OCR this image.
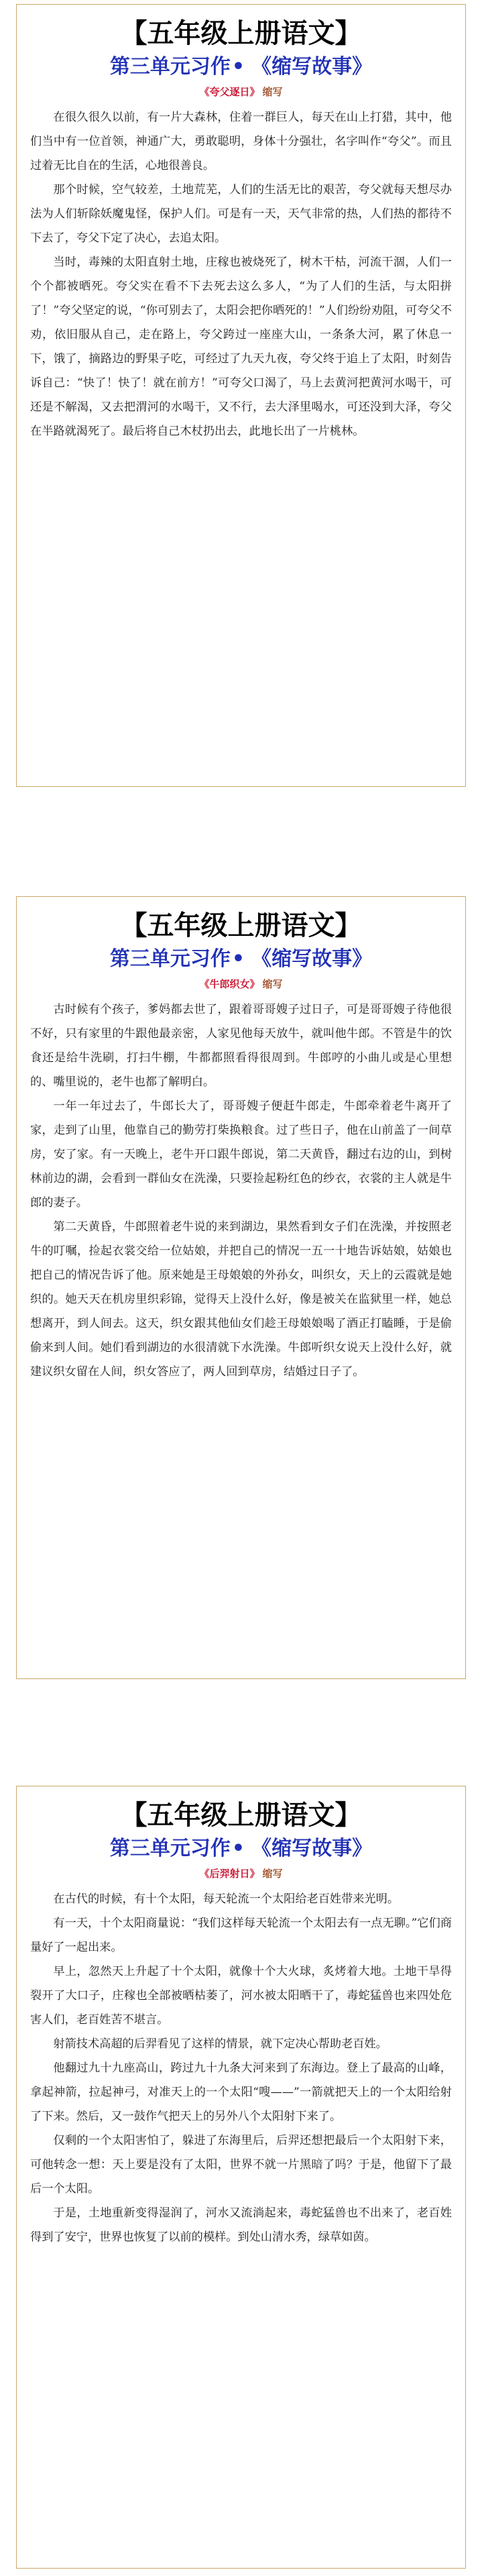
【五年级上册语文】
第三单元习作• 《缩写故事》
《夸父逐日》 缩写

在很久很久以前，有一片大森林，住着一群巨人，每天在山上打猎，其中，他们当中有一位首领，神通广大，勇敢聪明，身体十分强壮，名字叫作“夸父”。而且过着无比自在的生活，心地很善良。

那个时候，空气较差，土地荒芜，人们的生活无比的艰苦，夸父就每天想尽办法为人们斩除妖魔鬼怪，保护人们。可是有一天，天气非常的热，人们热的都待不下去了，夸父下定了决心，去追太阳。

当时，毒辣的太阳直射土地，庄稼也被烧死了，树木干枯，河流干涸，人们一个个都被晒死。夸父实在看不下去死去这么多人，“为了人们的生活，与太阳拼了！”夸父坚定的说，“你可别去了，太阳会把你晒死的！”人们纷纷劝阻，可夸父不劝，依旧服从自己，走在路上，夸父跨过一座座大山，一条条大河，累了休息一下，饿了，摘路边的野果子吃，可经过了九天九夜，夸父终于追上了太阳，时刻告诉自己：“快了！快了！就在前方！”可夸父口渴了，马上去黄河把黄河水喝干，可还是不解渴，又去把渭河的水喝干，又不行，去大泽里喝水，可还没到大泽，夸父在半路就渴死了。最后将自己木杖扔出去，此地长出了一片桃林。

【五年级上册语文】
第三单元习作• 《缩写故事》
《牛郎织女》 缩写

古时候有个孩子，爹妈都去世了，跟着哥哥嫂子过日子，可是哥哥嫂子待他很不好，只有家里的牛跟他最亲密，人家见他每天放牛，就叫他牛郎。不管是牛的饮食还是给牛洗刷，打扫牛棚，牛都都照看得很周到。牛郎哼的小曲儿或是心里想的、嘴里说的，老牛也都了解明白。

一年一年过去了，牛郎长大了，哥哥嫂子便赶牛郎走，牛郎牵着老牛离开了家，走到了山里，他靠自己的勤劳打柴换粮食。过了些日子，他在山前盖了一间草房，安了家。有一天晚上，老牛开口跟牛郎说，第二天黄昏，翻过右边的山，到树林前边的湖，会看到一群仙女在洗澡，只要捡起粉红色的纱衣，衣裳的主人就是牛郎的妻子。

第二天黄昏，牛郎照着老牛说的来到湖边，果然看到女子们在洗澡，并按照老牛的叮嘱，捡起衣裳交给一位姑娘，并把自己的情况一五一十地告诉姑娘，姑娘也把自己的情况告诉了他。原来她是王母娘娘的外孙女，叫织女，天上的云霞就是她织的。她天天在机房里织彩锦，觉得天上没什么好，像是被关在监狱里一样，她总想离开，到人间去。这天，织女跟其他仙女们趁王母娘娘喝了酒正打瞌睡，于是偷偷来到人间。她们看到湖边的水很清就下水洗澡。牛郎听织女说天上没什么好，就建议织女留在人间，织女答应了，两人回到草房，结婚过日子了。

【五年级上册语文】
第三单元习作• 《缩写故事》
《后羿射日》 缩写

在古代的时候，有十个太阳，每天轮流一个太阳给老百姓带来光明。

有一天，十个太阳商量说：“我们这样每天轮流一个太阳去有一点无聊。”它们商量好了一起出来。

早上，忽然天上升起了十个太阳，就像十个大火球，炙烤着大地。土地干旱得裂开了大口子，庄稼也全部被晒枯萎了，河水被太阳晒干了，毒蛇猛兽也来四处危害人们，老百姓苦不堪言。

射箭技术高超的后羿看见了这样的情景，就下定决心帮助老百姓。

他翻过九十九座高山，跨过九十九条大河来到了东海边。登上了最高的山峰，拿起神箭，拉起神弓，对准天上的一个太阳“嗖——”一箭就把天上的一个太阳给射了下来。然后，又一鼓作气把天上的另外八个太阳射下来了。

仅剩的一个太阳害怕了，躲进了东海里后，后羿还想把最后一个太阳射下来，可他转念一想：天上要是没有了太阳，世界不就一片黑暗了吗？于是，他留下了最后一个太阳。

于是，土地重新变得湿润了，河水又流淌起来，毒蛇猛兽也不出来了，老百姓得到了安宁，世界也恢复了以前的模样。到处山清水秀，绿草如茵。
